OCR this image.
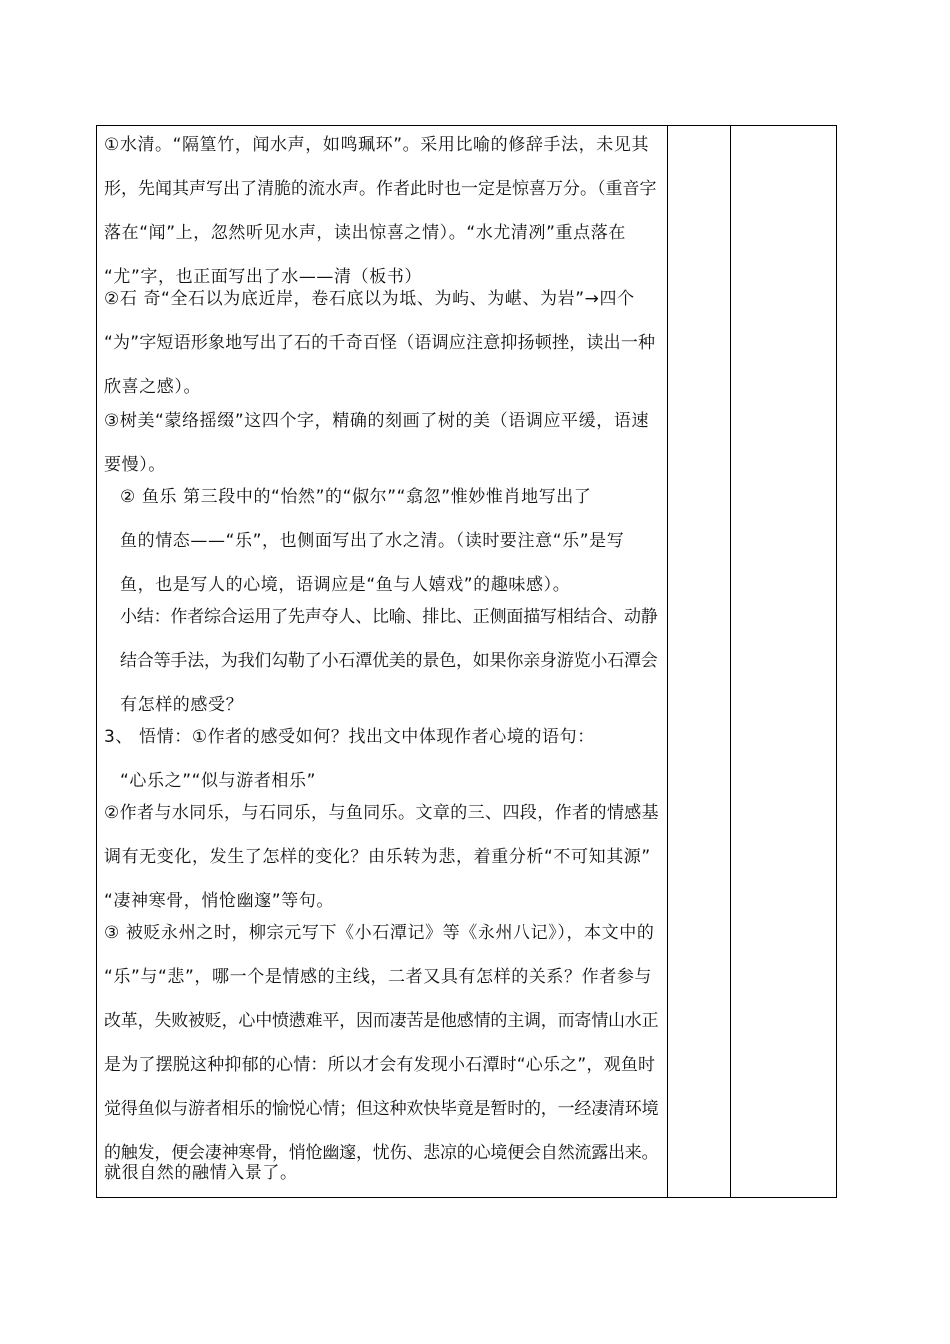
①水清。“隔篁竹，闻水声，如鸣珮环”。采用比喻的修辞手法，未见其
形，先闻其声写出了清脆的流水声。作者此时也一定是惊喜万分。（重音字
落在“闻”上，忽然听见水声，读出惊喜之情）。“水尤清冽”重点落在
“尤”字，也正面写出了水——清（板书）
②石 奇“全石以为底近岸，卷石底以为坻、为屿、为嵁、为岩”→四个
“为”字短语形象地写出了石的千奇百怪（语调应注意抑扬顿挫，读出一种
欣喜之感）。
③树美“蒙络摇缀”这四个字，精确的刻画了树的美（语调应平缓，语速
要慢）。
② 鱼乐 第三段中的“怡然”的“俶尔”“翕忽”惟妙惟肖地写出了
鱼的情态——“乐”，也侧面写出了水之清。（读时要注意“乐”是写
鱼，也是写人的心境，语调应是“鱼与人嬉戏”的趣味感）。
小结：作者综合运用了先声夺人、比喻、排比、正侧面描写相结合、动静
结合等手法，为我们勾勒了小石潭优美的景色，如果你亲身游览小石潭会
有怎样的感受？
3、 悟情：①作者的感受如何？找出文中体现作者心境的语句：
“心乐之”“似与游者相乐”
②作者与水同乐，与石同乐，与鱼同乐。文章的三、四段，作者的情感基
调有无变化，发生了怎样的变化？由乐转为悲，着重分析“不可知其源”
“凄神寒骨，悄怆幽邃”等句。
③ 被贬永州之时，柳宗元写下《小石潭记》等《永州八记》），本文中的
“乐”与“悲”，哪一个是情感的主线，二者又具有怎样的关系？作者参与
改革，失败被贬，心中愤懑难平，因而凄苦是他感情的主调，而寄情山水正
是为了摆脱这种抑郁的心情：所以才会有发现小石潭时“心乐之”，观鱼时
觉得鱼似与游者相乐的愉悦心情；但这种欢快毕竟是暂时的，一经凄清环境
的触发，便会凄神寒骨，悄怆幽邃，忧伤、悲凉的心境便会自然流露出来。
就很自然的融情入景了。
